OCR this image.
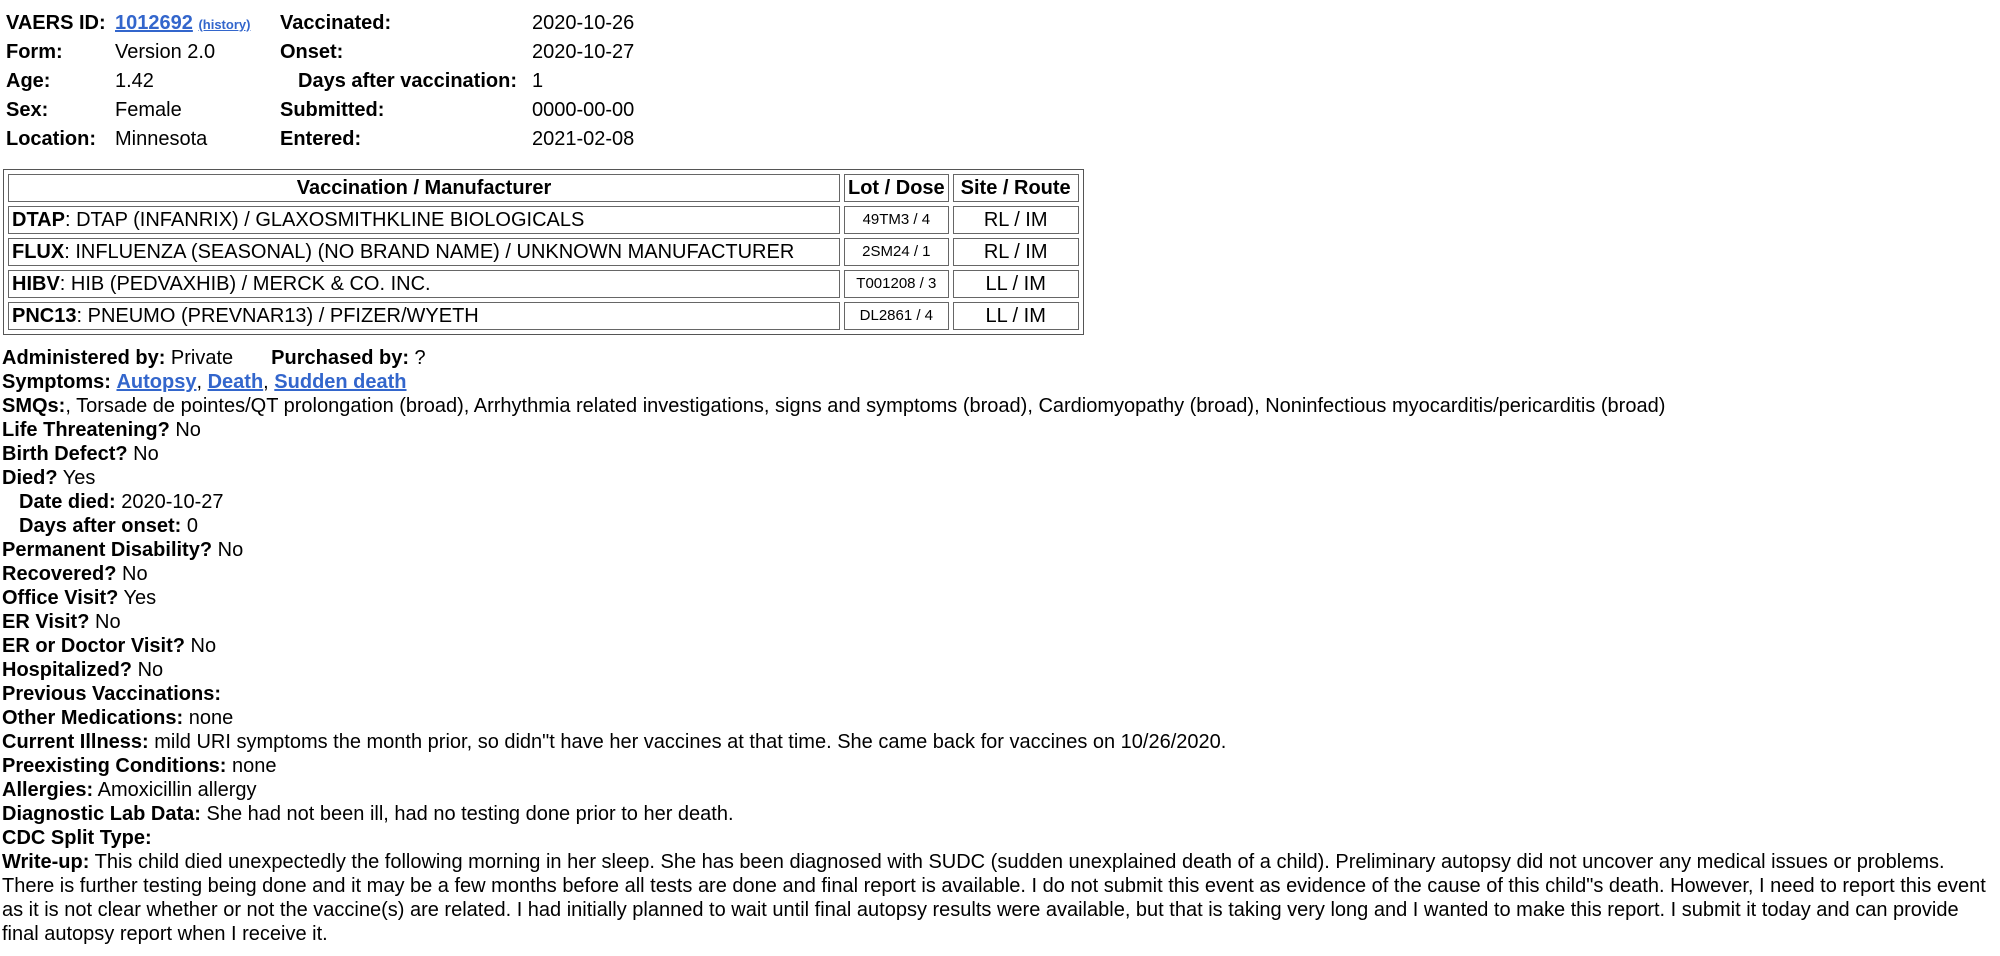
VAERS ID: 1012692 (history) Vaccinated:	2020-10-26
Form:	Version 2.0	Onset:	2020-10-27
Age:	1.42	Days after vaccination: 1
Sex:	Female	Submitted:	0000-00-00
Location: Minnesota	Entered:	2021-02-08
Vaccination / Manufacturer	Lot / Dose	Site / Route
DTAP: DTAP (INFANRIX) / GLAXOSMITHKLINE BIOLOGICALS	49TM3 / 4	RL / IM
FLUX: INFLUENZA (SEASONAL) (NO BRAND NAME) / UNKNOWN MANUFACTURER	2SM24 / 1	RL / IM
HIBV: HIB (PEDVAXHIB) / MERCK & CO. INC.	T001208 / 3	LL / IM
PNC13: PNEUMO (PREVNAR13) / PFIZER/WYETH	DL2861 / 4	LL / IM
Administered by: Private Purchased by: ?
Symptoms: Autopsy, Death, Sudden death
SMQs:, Torsade de pointes/QT prolongation (broad), Arrhythmia related investigations, signs and symptoms (broad), Cardiomyopathy (broad), Noninfectious myocarditis/pericarditis (broad)
Life Threatening? No
Birth Defect? No
Died? Yes
Date died: 2020-10-27
Days after onset: 0
Permanent Disability? No
Recovered? No
Office Visit? Yes
ER Visit? No
ER or Doctor Visit? No
Hospitalized? No
Previous Vaccinations:
Other Medications: none
Current Illness: mild URI symptoms the month prior, so didn"t have her vaccines at that time. She came back for vaccines on 10/26/2020.
Preexisting Conditions: none
Allergies: Amoxicillin allergy
Diagnostic Lab Data: She had not been ill, had no testing done prior to her death.
CDC Split Type:
Write-up: This child died unexpectedly the following morning in her sleep. She has been diagnosed with SUDC (sudden unexplained death of a child). Preliminary autopsy did not uncover any medical issues or problems. There is further testing being done and it may be a few months before all tests are done and final report is available. I do not submit this event as evidence of the cause of this child"s death. However, I need to report this event as it is not clear whether or not the vaccine(s) are related. I had initially planned to wait until final autopsy results were available, but that is taking very long and I wanted to make this report. I submit it today and can provide final autopsy report when I receive it.
